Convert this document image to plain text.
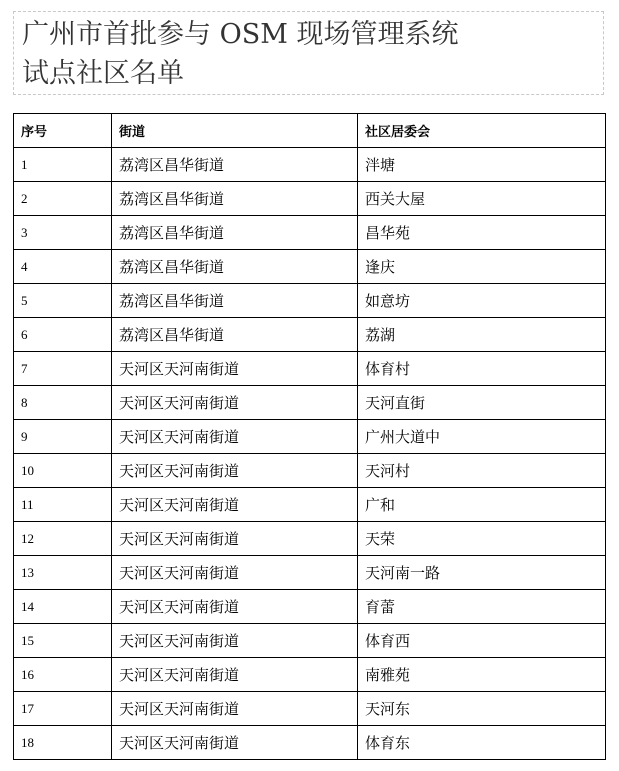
广州市首批参与 OSM 现场管理系统
试点社区名单
序号	街道	社区居委会
1	荔湾区昌华街道	泮塘
2	荔湾区昌华街道	西关大屋
3	荔湾区昌华街道	昌华苑
4	荔湾区昌华街道	逢庆
5	荔湾区昌华街道	如意坊
6	荔湾区昌华街道	荔湖
7	天河区天河南街道	体育村
8	天河区天河南街道	天河直街
9	天河区天河南街道	广州大道中
10	天河区天河南街道	天河村
11	天河区天河南街道	广和
12	天河区天河南街道	天荣
13	天河区天河南街道	天河南一路
14	天河区天河南街道	育蕾
15	天河区天河南街道	体育西
16	天河区天河南街道	南雅苑
17	天河区天河南街道	天河东
18	天河区天河南街道	体育东
